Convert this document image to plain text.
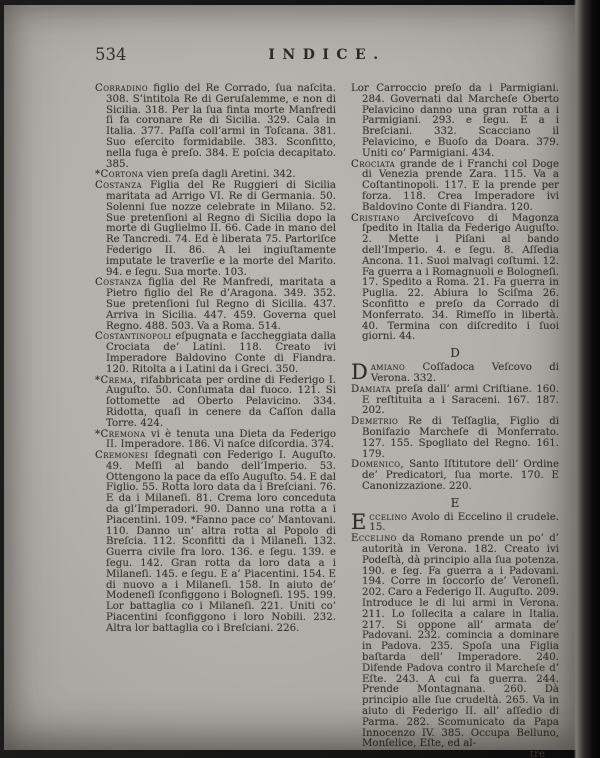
534	INDICE.

Corradino figlio del Re Corrado, ſua naſcita. 308. S’intitola Re di Geruſalemme, e non di Sicilia. 318. Per la ſua finta morte Manfredi ſi fa coronare Re di Sicilia. 329. Cala in Italia. 377. Paſſa coll’armi in Toſcana. 381. Suo eſercito formidabile. 383. Sconfitto, nella fuga è preſo. 384. E poſcia decapitato. 385.

*Cortona vien preſa dagli Aretini. 342.

Costanza Figlia del Re Ruggieri di Sicilia maritata ad Arrigo VI. Re di Germania. 50. Solenni ſue nozze celebrate in Milano. 52. Sue pretenſioni al Regno di Sicilia dopo la morte di Guglielmo II. 66. Cade in mano del Re Tancredi. 74. Ed è liberata 75. Partoriſce Federigo II. 86. A lei ingiuſtamente imputate le traverſie e la morte del Marito. 94. e ſegu. Sua morte. 103.

Costanza figlia del Re Manfredi, maritata a Pietro figlio del Re d’Aragona. 349. 352. Sue pretenſioni ſul Regno di Sicilia. 437. Arriva in Sicilia. 447. 459. Governa quel Regno. 488. 503. Va a Roma. 514.

Costantinopoli eſpugnata e ſaccheggiata dalla Crociata de’ Latini. 118. Creato ivi Imperadore Baldovino Conte di Fiandra. 120. Ritolta a i Latini da i Greci. 350.

*Crema, rifabbricata per ordine di Federigo I. Auguſto. 50. Conſumata dal fuoco. 121. Si ſottomette ad Oberto Pelavicino. 334. Ridotta, quaſi in cenere da Caſſon dalla Torre. 424.

*Cremona vi è tenuta una Dieta da Federigo II. Imperadore. 186. Vi naſce diſcordia. 374.

Cremonesi ſdegnati con Federigo I. Auguſto. 49. Meſſi al bando dell’Imperio. 53. Ottengono la pace da eſſo Auguſto. 54. E dal Figlio. 55. Rotta loro data da i Breſciani. 76. E da i Milaneſi. 81. Crema loro conceduta da gl’Imperadori. 90. Danno una rotta a i Piacentini. 109. *Fanno pace co’ Mantovani. 110. Danno un’ altra rotta al Popolo di Breſcia. 112. Sconfitti da i Milaneſi. 132. Guerra civile fra loro. 136. e ſegu. 139. e ſegu. 142. Gran rotta da loro data a i Milaneſi. 145. e ſegu. E a’ Piacentini. 154. E di nuovo a i Milaneſi. 158. In aiuto de’ Modeneſi ſconfiggono i Bologneſi. 195. 199. Lor battaglia co i Milaneſi. 221. Uniti co’ Piacentini ſconfiggono i loro Nobili. 232. Altra lor battaglia co i Breſciani. 226.

Lor Carroccio preſo da i Parmigiani. 284. Governati dal Marcheſe Oberto Pelavicino danno una gran rotta a i Parmigiani. 293. e ſegu. E a i Breſciani. 332. Scacciano il Pelavicino, e Buoſo da Doara. 379. Uniti co’ Parmigiani. 434.

Crociata grande de i Franchi col Doge di Venezia prende Zara. 115. Va a Coſtantinopoli. 117. E la prende per forza. 118. Crea Imperadore ivi Baldovino Conte di Fiandra. 120.

Cristiano Arciveſcovo di Magonza ſpedito in Italia da Federigo Auguſto. 2. Mette i Piſani al bando dell’Imperio. 4. e ſegu. 8. Aſſedia Ancona. 11. Suoi malvagi coſtumi. 12. Fa guerra a i Romagnuoli e Bologneſi. 17. Spedito a Roma. 21. Fa guerra in Puglia. 22. Abiura lo Sciſma 26. Sconfitto e preſo da Corrado di Monferrato. 34. Rimeſſo in libertà. 40. Termina con diſcredito i ſuoi giorni. 44.

D

Damiano Coſſadoca Veſcovo di Verona. 332.

Damiata preſa dall’ armi Criſtiane. 160. E reſtituita a i Saraceni. 167. 187. 202.

Demetrio Re di Teſſaglia, Figlio di Bonifazio Marcheſe di Monferrato. 127. 155. Spogliato del Regno. 161. 179.

Domenico, Santo Iſtitutore dell’ Ordine de’ Predicatori, ſua morte. 170. E Canonizzazione. 220.

E

Eccelino Avolo di Eccelino il crudele. 15.

Eccelino da Romano prende un po’ d’ autorità in Verona. 182. Creato ivi Podeſtà, dà principio alla ſua potenza. 190. e ſeg. Fa guerra a i Padovani. 194. Corre in ſoccorſo de’ Veroneſi. 202. Caro a Federigo II. Auguſto. 209. Introduce le di lui armi in Verona. 211. Lo ſollecita a calare in Italia. 217. Si oppone all’ armata de’ Padovani. 232. comincia a dominare in Padova. 235. Spoſa una Figlia baſtarda dell’ Imperadore. 240. Difende Padova contro il Marcheſe d’ Eſte. 243. A cui fa guerra. 244. Prende Montagnana. 260. Dà principio alle ſue crudeltà. 265. Va in aiuto di Federigo II. all’ aſſedio di Parma. 282. Scomunicato da Papa Innocenzo IV. 385. Occupa Belluno, Monſelice, Eſte, ed al-

tre
